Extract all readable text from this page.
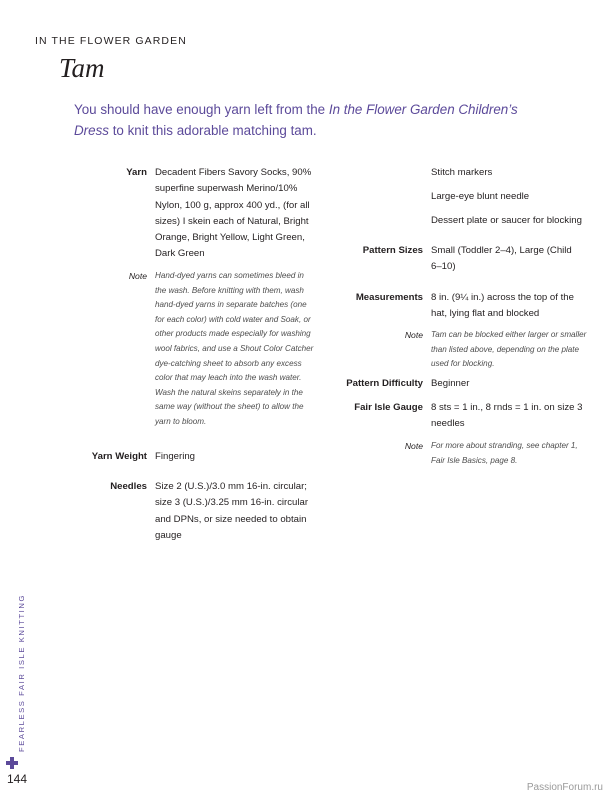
IN THE FLOWER GARDEN
Tam
You should have enough yarn left from the In the Flower Garden Children’s Dress to knit this adorable matching tam.
Yarn Decadent Fibers Savory Socks, 90%
superfine superwash Merino/10%
Nylon, 100 g, approx 400 yd., (for all
sizes) I skein each of Natural, Bright
Orange, Bright Yellow, Light Green,
Dark Green
Note Hand-dyed yarns can sometimes bleed in
the wash. Before knitting with them, wash
hand-dyed yarns in separate batches (one
for each color) with cold water and Soak, or
other products made especially for washing
wool fabrics, and use a Shout Color Catcher
dye-catching sheet to absorb any excess
color that may leach into the wash water.
Wash the natural skeins separately in the
same way (without the sheet) to allow the
yarn to bloom.
Yarn Weight Fingering
Needles Size 2 (U.S.)/3.0 mm 16-in. circular;
size 3 (U.S.)/3.25 mm 16-in. circular
and DPNs, or size needed to obtain
gauge
Stitch markers
Large-eye blunt needle
Dessert plate or saucer for blocking
Pattern Sizes Small (Toddler 2–4), Large (Child
6–10)
Measurements 8 in. (9¼ in.) across the top of the
hat, lying flat and blocked
Note Tam can be blocked either larger or smaller
than listed above, depending on the plate
used for blocking.
Pattern Difficulty Beginner
Fair Isle Gauge 8 sts = 1 in., 8 rnds = 1 in. on size 3
needles
Note For more about stranding, see chapter 1,
Fair Isle Basics, page 8.
FEARLESS FAIR ISLE KNITTING
144
PassionForum.ru
